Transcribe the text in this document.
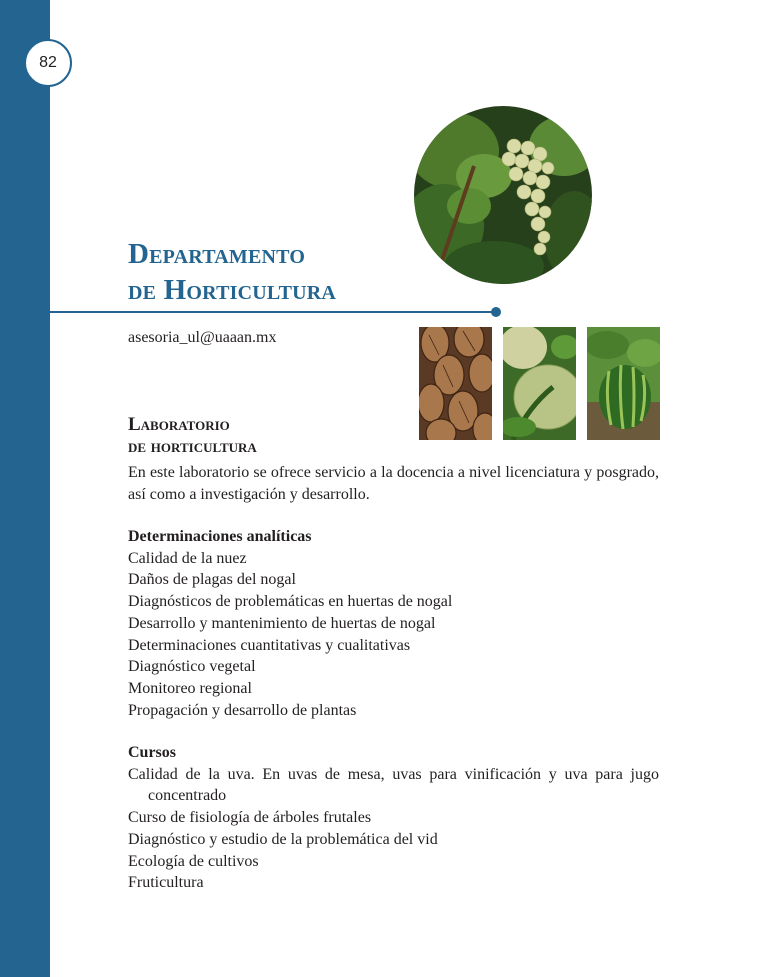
82
Departamento
de Horticultura
asesoria_ul@uaaan.mx
Laboratorio
de horticultura

En este laboratorio se ofrece servicio a la docencia a nivel licenciatura y posgrado, así como a investigación y desarrollo.

Determinaciones analíticas
Calidad de la nuez
Daños de plagas del nogal
Diagnósticos de problemáticas en huertas de nogal
Desarrollo y mantenimiento de huertas de nogal
Determinaciones cuantitativas y cualitativas
Diagnóstico vegetal
Monitoreo regional
Propagación y desarrollo de plantas
Cursos
Calidad de la uva. En uvas de mesa, uvas para vinificación y uva para jugo concentrado
Curso de fisiología de árboles frutales
Diagnóstico y estudio de la problemática del vid
Ecología de cultivos
Fruticultura
